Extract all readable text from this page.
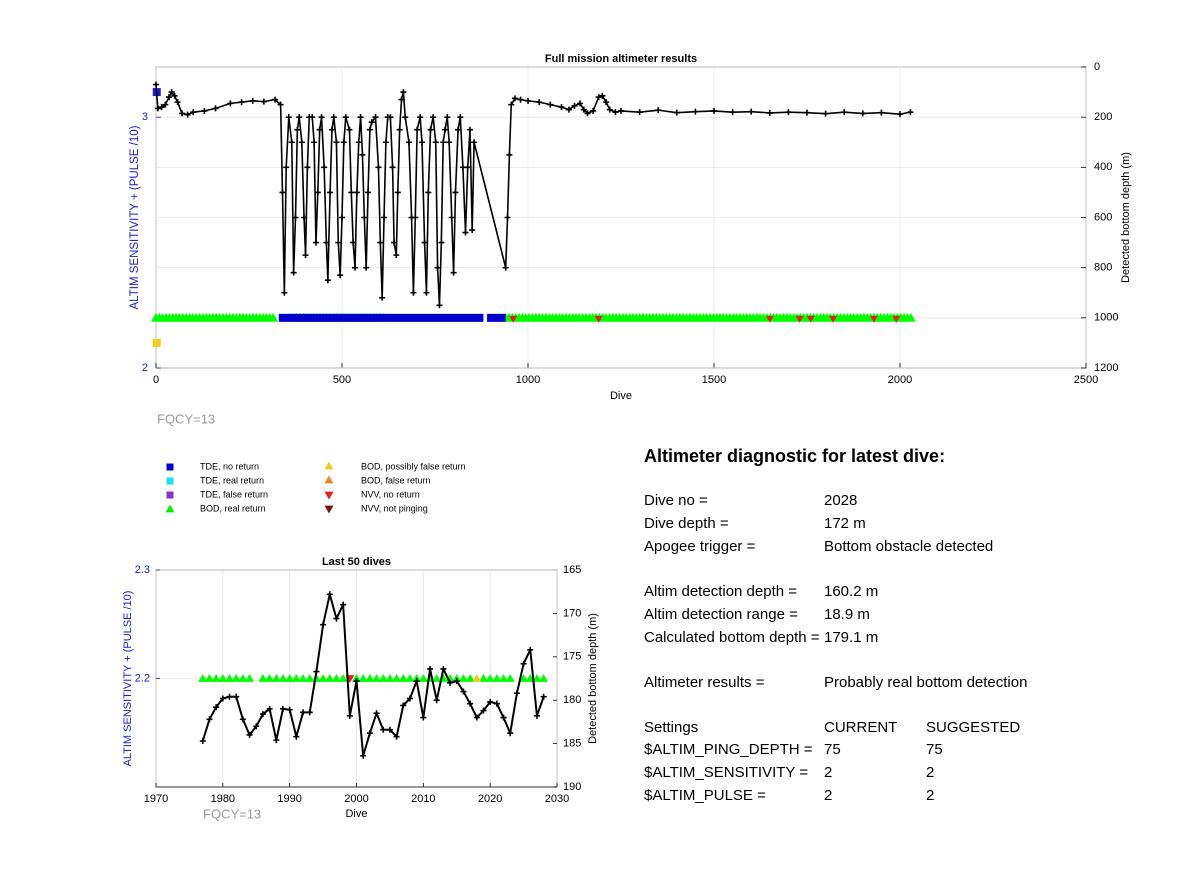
0	500	1000	1500	2000	2500
0
200
400
600
800
1000
1200
2
3
Full mission altimeter results
Dive
ALTIM SENSITIVITY + (PULSE /10)	Detected bottom depth (m)
FQCY=13
TDE, no return
TDE, real return
TDE, false return
BOD, real return
BOD, possibly false return
BOD, false return
NVV, no return
NVV, not pinging
1970	1980	1990	2000	2010	2020	2030
165
170
175
180
185
190
2.2
2.3
Last 50 dives
Dive
ALTIM SENSITIVITY + (PULSE /10)	Detected bottom depth (m)
FQCY=13
Altimeter diagnostic for latest dive:
Dive no =	2028
Dive depth =	172 m
Apogee trigger =	Bottom obstacle detected
Altim detection depth = 160.2 m
Altim detection range = 18.9 m
Calculated bottom depth = 179.1 m
Altimeter results =	Probably real bottom detection
Settings	CURRENT SUGGESTED
$ALTIM_PING_DEPTH = 75	75
$ALTIM_SENSITIVITY = 2	2
$ALTIM_PULSE =	2	2
